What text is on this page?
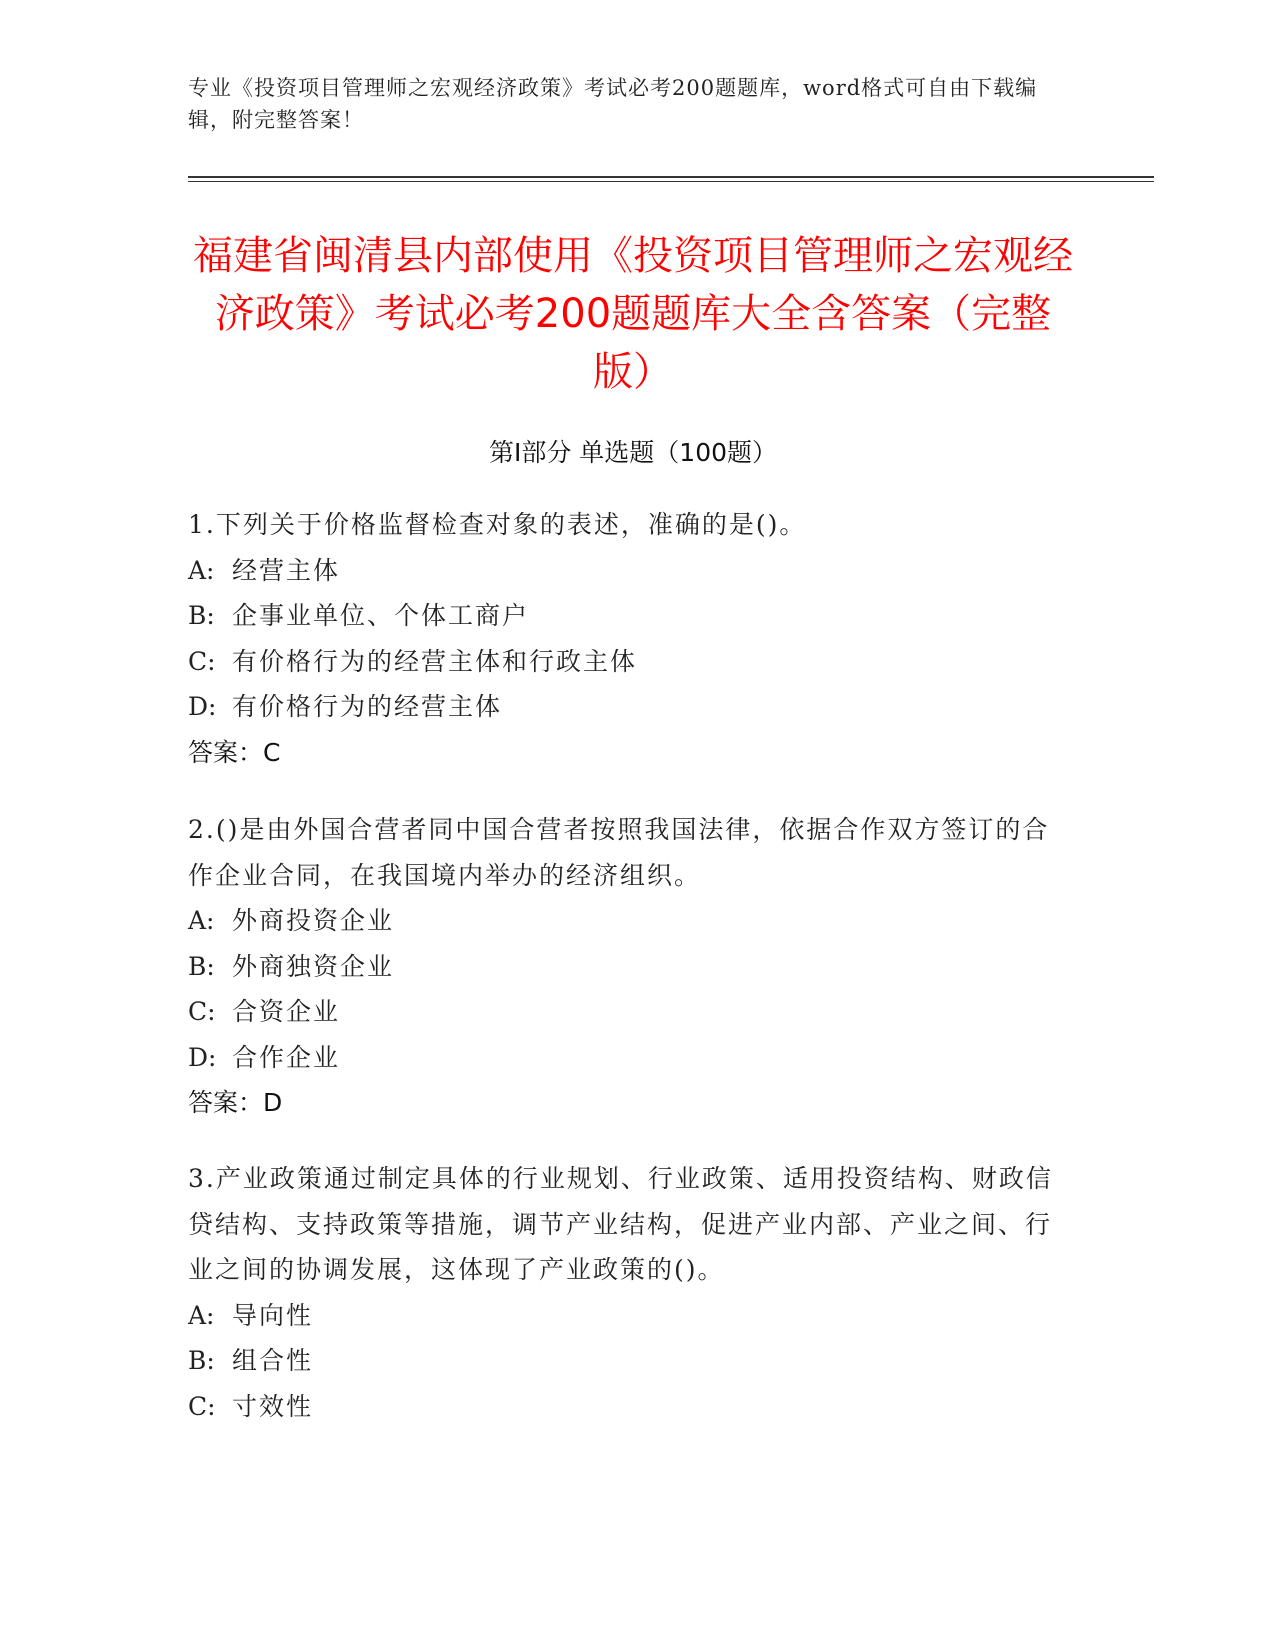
专业《投资项目管理师之宏观经济政策》考试必考200题题库，word格式可自由下载编辑，附完整答案！
福建省闽清县内部使用《投资项目管理师之宏观经济政策》考试必考200题题库大全含答案（完整版）
第I部分 单选题（100题）
1.下列关于价格监督检查对象的表述，准确的是()。
A: 经营主体
B: 企事业单位、个体工商户
C: 有价格行为的经营主体和行政主体
D: 有价格行为的经营主体
答案：C
2.()是由外国合营者同中国合营者按照我国法律，依据合作双方签订的合作企业合同，在我国境内举办的经济组织。
A: 外商投资企业
B: 外商独资企业
C: 合资企业
D: 合作企业
答案：D
3.产业政策通过制定具体的行业规划、行业政策、适用投资结构、财政信贷结构、支持政策等措施，调节产业结构，促进产业内部、产业之间、行业之间的协调发展，这体现了产业政策的()。
A: 导向性
B: 组合性
C: 寸效性
